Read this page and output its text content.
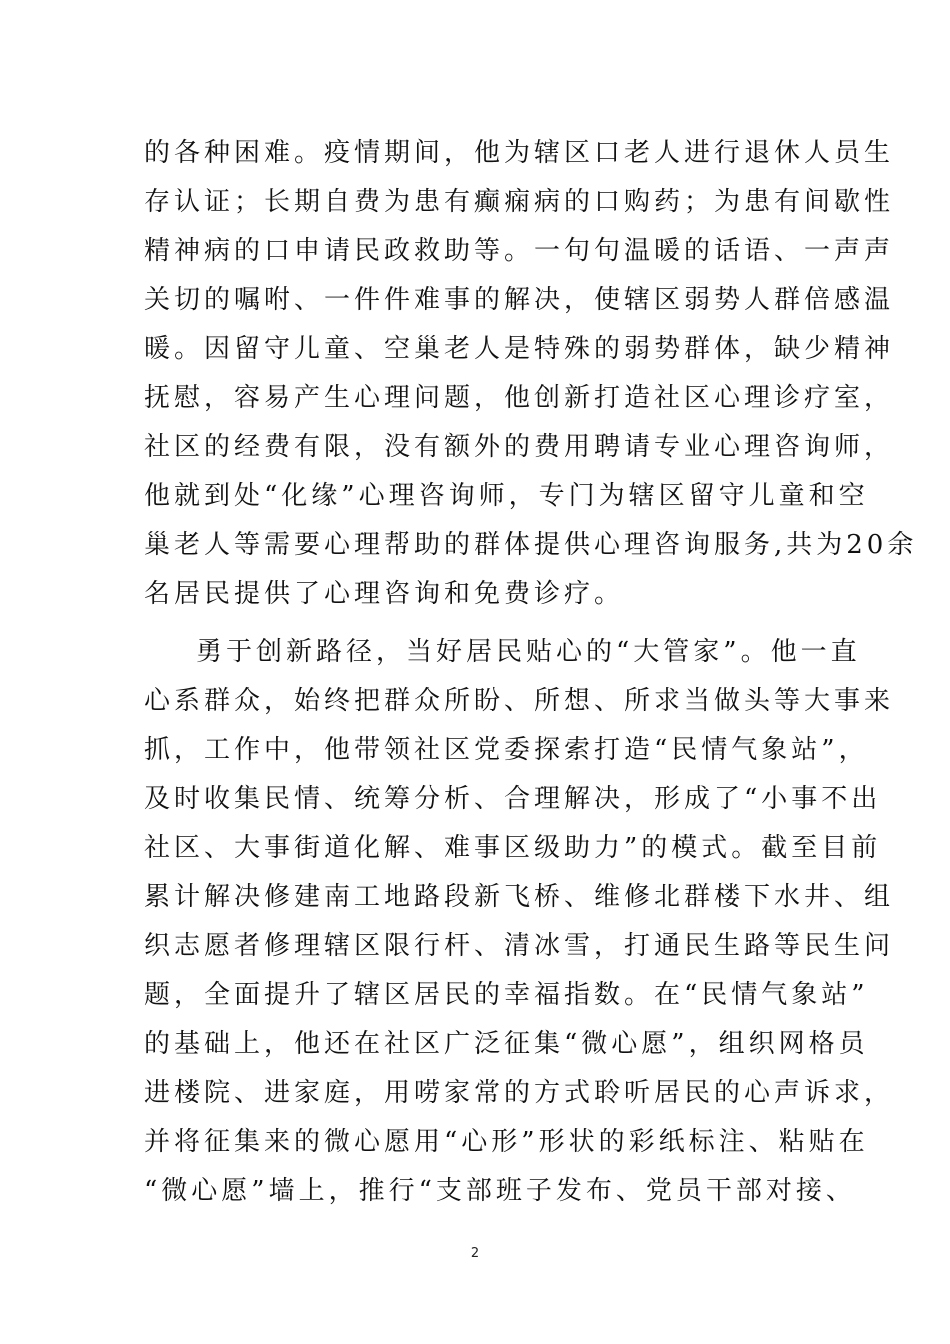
的各种困难。疫情期间，他为辖区口老人进行退休人员生
存认证；长期自费为患有癫痫病的口购药；为患有间歇性
精神病的口申请民政救助等。一句句温暖的话语、一声声
关切的嘱咐、一件件难事的解决，使辖区弱势人群倍感温
暖。因留守儿童、空巢老人是特殊的弱势群体，缺少精神
抚慰，容易产生心理问题，他创新打造社区心理诊疗室，
社区的经费有限，没有额外的费用聘请专业心理咨询师，
他就到处“化缘”心理咨询师，专门为辖区留守儿童和空
巢老人等需要心理帮助的群体提供心理咨询服务,共为20余
名居民提供了心理咨询和免费诊疗。
勇于创新路径，当好居民贴心的“大管家”。他一直
心系群众，始终把群众所盼、所想、所求当做头等大事来
抓，工作中，他带领社区党委探索打造“民情气象站”，
及时收集民情、统筹分析、合理解决，形成了“小事不出
社区、大事街道化解、难事区级助力”的模式。截至目前
累计解决修建南工地路段新飞桥、维修北群楼下水井、组
织志愿者修理辖区限行杆、清冰雪，打通民生路等民生问
题，全面提升了辖区居民的幸福指数。在“民情气象站”
的基础上，他还在社区广泛征集“微心愿”，组织网格员
进楼院、进家庭，用唠家常的方式聆听居民的心声诉求，
并将征集来的微心愿用“心形”形状的彩纸标注、粘贴在
“微心愿”墙上，推行“支部班子发布、党员干部对接、
2
